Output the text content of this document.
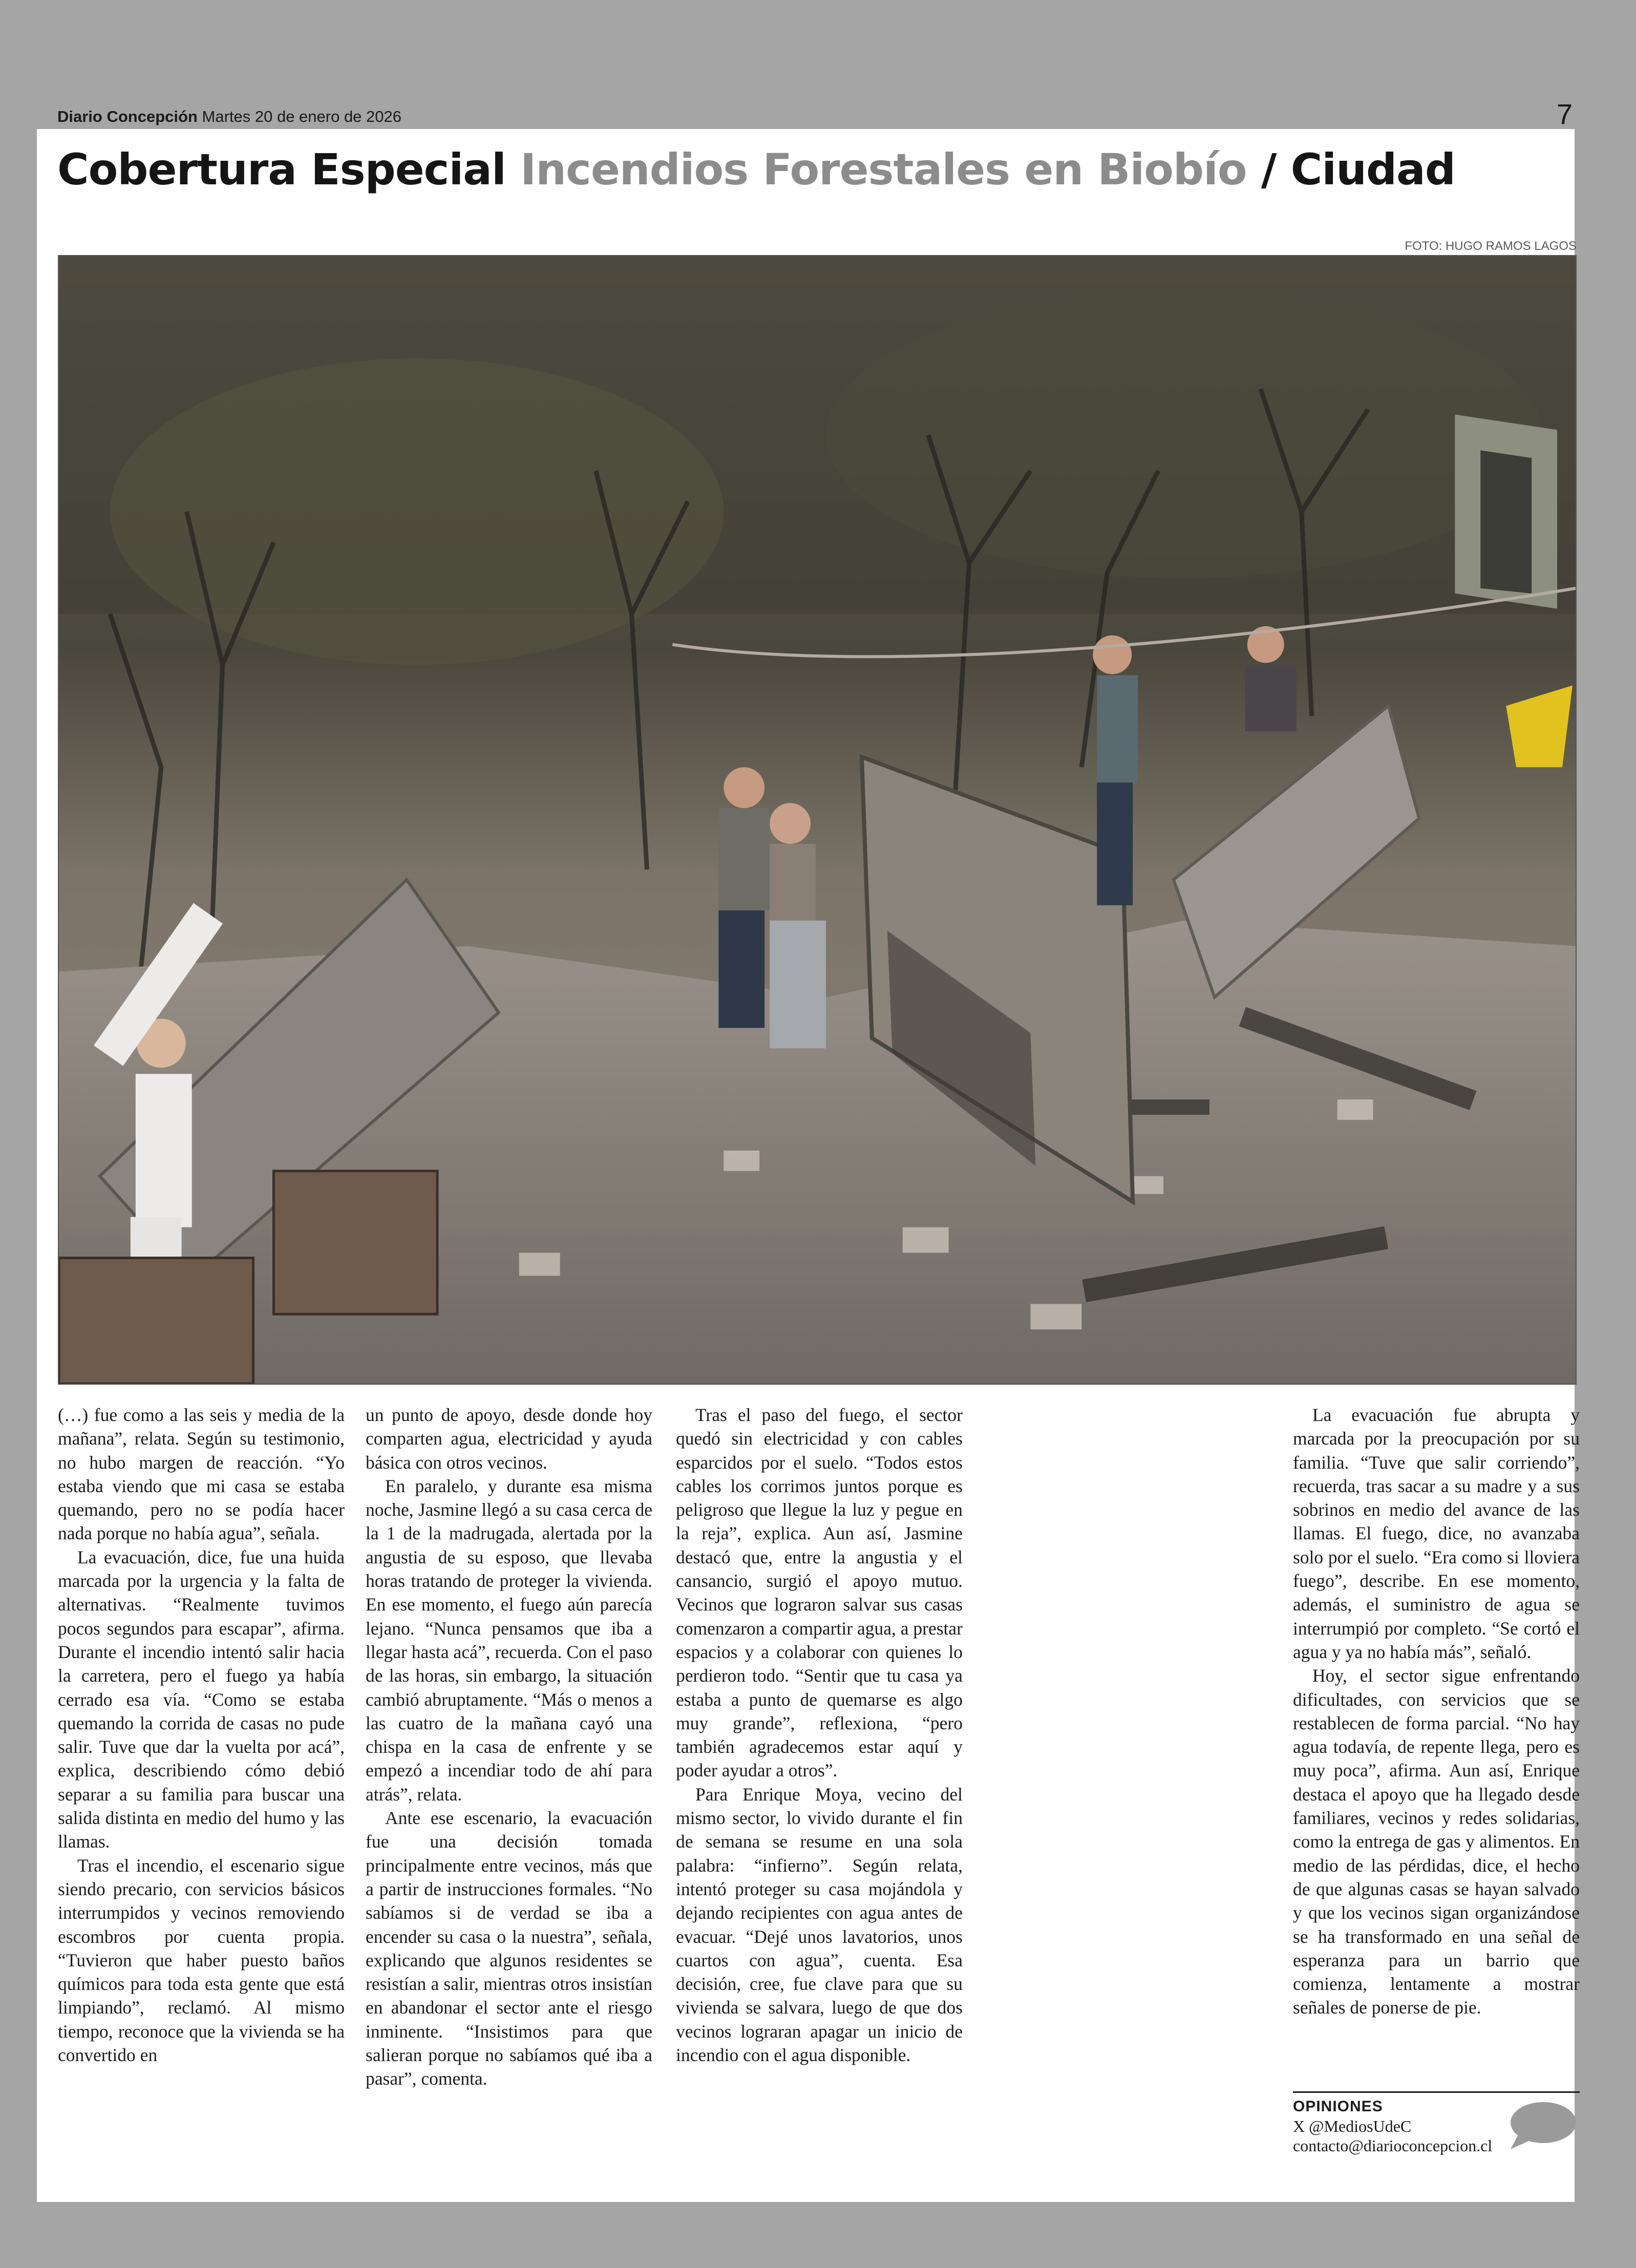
Diario Concepción Martes 20 de enero de 2026	7
Cobertura Especial Incendios Forestales en Biobío / Ciudad
FOTO: HUGO RAMOS LAGOS

(…) fue como a las seis y media de la mañana”, relata. Según su testimonio, no hubo margen de reacción. “Yo estaba viendo que mi casa se estaba quemando, pero no se podía hacer nada porque no había agua”, señala.

La evacuación, dice, fue una huida marcada por la urgencia y la falta de alternativas. “Realmente tuvimos pocos segundos para escapar”, afirma. Durante el incendio intentó salir hacia la carretera, pero el fuego ya había cerrado esa vía. “Como se estaba quemando la corrida de casas no pude salir. Tuve que dar la vuelta por acá”, explica, describiendo cómo debió separar a su familia para buscar una salida distinta en medio del humo y las llamas.

Tras el incendio, el escenario sigue siendo precario, con servicios básicos interrumpidos y vecinos removiendo escombros por cuenta propia. “Tuvieron que haber puesto baños químicos para toda esta gente que está limpiando”, reclamó. Al mismo tiempo, reconoce que la vivienda se ha convertido en

un punto de apoyo, desde donde hoy comparten agua, electricidad y ayuda básica con otros vecinos.

En paralelo, y durante esa misma noche, Jasmine llegó a su casa cerca de la 1 de la madrugada, alertada por la angustia de su esposo, que llevaba horas tratando de proteger la vivienda. En ese momento, el fuego aún parecía lejano. “Nunca pensamos que iba a llegar hasta acá”, recuerda. Con el paso de las horas, sin embargo, la situación cambió abruptamente. “Más o menos a las cuatro de la mañana cayó una chispa en la casa de enfrente y se empezó a incendiar todo de ahí para atrás”, relata.

Ante ese escenario, la evacuación fue una decisión tomada principalmente entre vecinos, más que a partir de instrucciones formales. “No sabíamos si de verdad se iba a encender su casa o la nuestra”, señala, explicando que algunos residentes se resistían a salir, mientras otros insistían en abandonar el sector ante el riesgo inminente. “Insistimos para que salieran porque no sabíamos qué iba a pasar”, comenta.

Tras el paso del fuego, el sector quedó sin electricidad y con cables esparcidos por el suelo. “Todos estos cables los corrimos juntos porque es peligroso que llegue la luz y pegue en la reja”, explica. Aun así, Jasmine destacó que, entre la angustia y el cansancio, surgió el apoyo mutuo. Vecinos que lograron salvar sus casas comenzaron a compartir agua, a prestar espacios y a colaborar con quienes lo perdieron todo. “Sentir que tu casa ya estaba a punto de quemarse es algo muy grande”, reflexiona, “pero también agradecemos estar aquí y poder ayudar a otros”.

Para Enrique Moya, vecino del mismo sector, lo vivido durante el fin de semana se resume en una sola palabra: “infierno”. Según relata, intentó proteger su casa mojándola y dejando recipientes con agua antes de evacuar. “Dejé unos lavatorios, unos cuartos con agua”, cuenta. Esa decisión, cree, fue clave para que su vivienda se salvara, luego de que dos vecinos lograran apagar un inicio de incendio con el agua disponible.

La evacuación fue abrupta y marcada por la preocupación por su familia. “Tuve que salir corriendo”, recuerda, tras sacar a su madre y a sus sobrinos en medio del avance de las llamas. El fuego, dice, no avanzaba solo por el suelo. “Era como si lloviera fuego”, describe. En ese momento, además, el suministro de agua se interrumpió por completo. “Se cortó el agua y ya no había más”, señaló.

Hoy, el sector sigue enfrentando dificultades, con servicios que se restablecen de forma parcial. “No hay agua todavía, de repente llega, pero es muy poca”, afirma. Aun así, Enrique destaca el apoyo que ha llegado desde familiares, vecinos y redes solidarias, como la entrega de gas y alimentos. En medio de las pérdidas, dice, el hecho de que algunas casas se hayan salvado y que los vecinos sigan organizándose se ha transformado en una señal de esperanza para un barrio que comienza, lentamente a mostrar señales de ponerse de pie.

OPINIONES
X @MediosUdeC
contacto@diarioconcepcion.cl
